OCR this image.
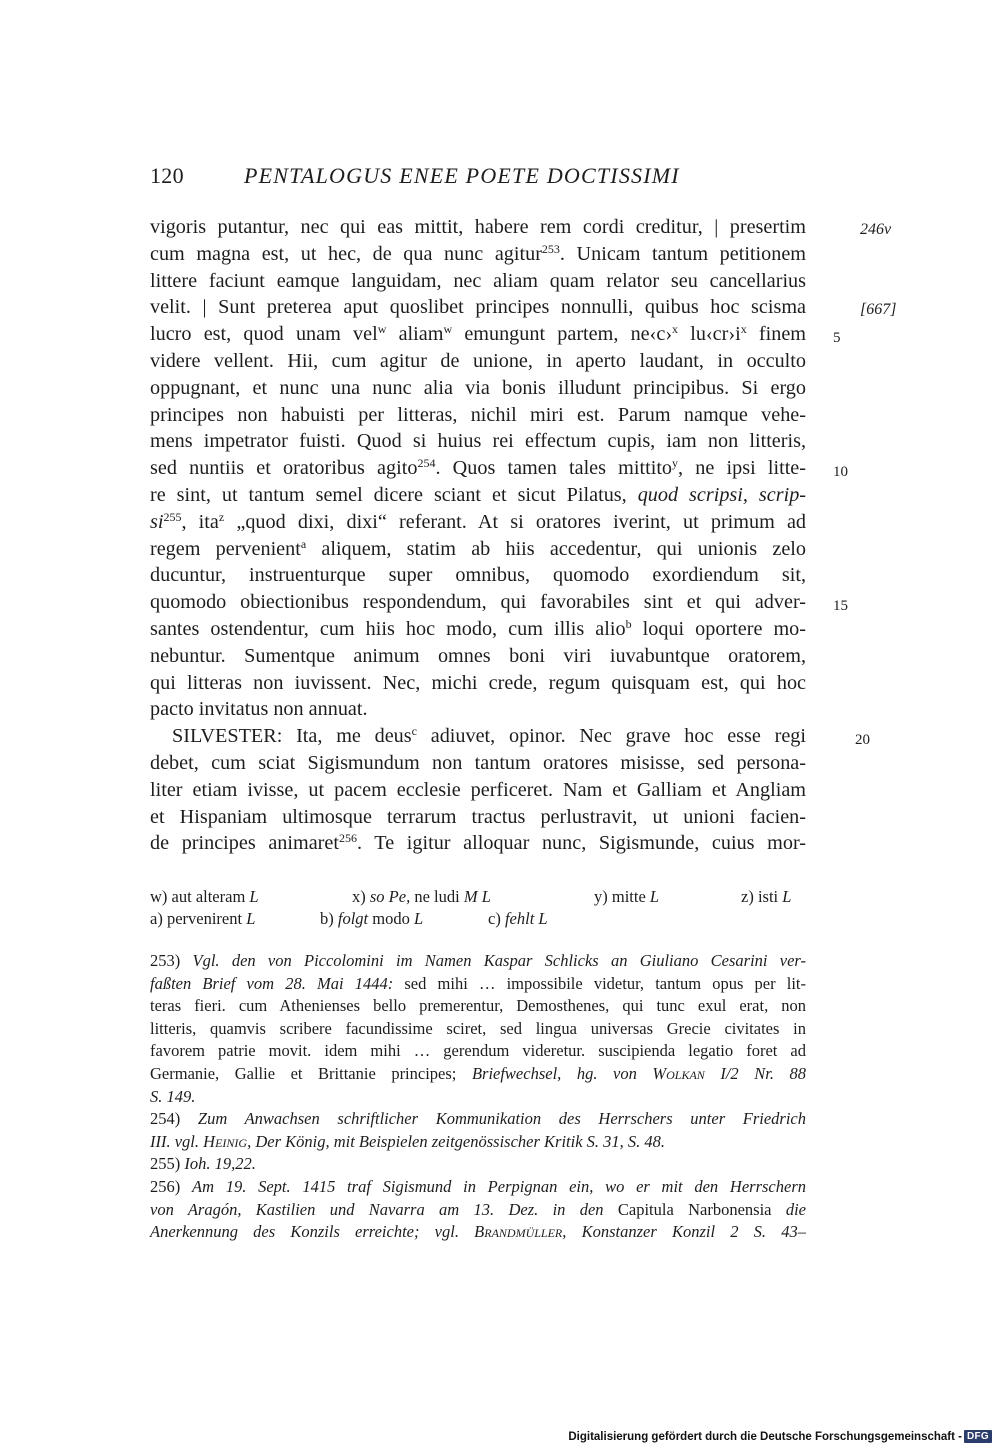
120	PENTALOGUS ENEE POETE DOCTISSIMI
vigoris putantur, nec qui eas mittit, habere rem cordi creditur, | presertim	246v
cum magna est, ut hec, de qua nunc agitur$^{253}$. Unicam tantum petitionem
littere faciunt eamque languidam, nec aliam quam relator seu cancellarius
velit. | Sunt preterea aput quoslibet principes nonnulli, quibus hoc scisma	[667]
lucro est, quod unam vel$^w$ aliam$^w$ emungunt partem, ne‹c›$^x$ $lu‹cr›i^x$ finem 5
videre vellent. Hii, cum agitur de unione, in aperto laudant, in occulto
oppugnant, et nunc una nunc alia via bonis illudunt principibus. Si ergo
principes non habuisti per litteras, nichil miri est. Parum namque vehe-
mens impetrator fuisti. Quod si huius rei effectum cupis, iam non litteris,
sed nuntiis et oratoribus agito$^{254}$. Quos tamen tales mittito$^y$, ne ipsi litte- 10
re sint, ut tantum semel dicere sciant et sicut Pilatus, quod scripsi, scrip-
$si^{255}$, ita$^z$ „quod dixi, dixi“ referant. At si oratores iverint, ut primum ad
regem pervenient$^a$ aliquem, statim ab hiis accedentur, qui unionis zelo
ducuntur, instruenturque super omnibus, quomodo exordiendum sit,
quomodo obiectionibus respondendum, qui favorabiles sint et qui adver- 15
santes ostendentur, cum hiis hoc modo, cum illis alio$^b$ loqui oportere mo-
nebuntur. Sumentque animum omnes boni viri iuvabuntque oratorem,
qui litteras non iuvissent. Nec, michi crede, regum quisquam est, qui hoc
pacto invitatus non annuat.
SILVESTER: Ita, me deus$^c$ adiuvet, opinor. Nec grave hoc esse regi	20
debet, cum sciat Sigismundum non tantum oratores misisse, sed persona-
liter etiam ivisse, ut pacem ecclesie perficeret. Nam et Galliam et Angliam
et Hispaniam ultimosque terrarum tractus perlustravit, ut unioni facien-
de principes animaret$^{256}$. Te igitur alloquar nunc, Sigismunde, cuius mor-
w) aut alteram L	x) so Pe, ne ludi M L	y) mitte L	z) isti L
a) pervenirent L	b) folgt modo L	c) fehlt L
253) Vgl. den von Piccolomini im Namen Kaspar Schlicks an Giuliano Cesarini ver-
faßten Brief vom 28. Mai 1444: sed mihi … impossibile videtur, tantum opus per lit-
teras fieri. cum Athenienses bello premerentur, Demosthenes, qui tunc exul erat, non
litteris, quamvis scribere facundissime sciret, sed lingua universas Grecie civitates in
favorem patrie movit. idem mihi … gerendum videretur. suscipienda legatio foret ad
Germanie, Gallie et Brittanie principes; Briefwechsel, hg. von Wolkan I/2 Nr. 88
S. 149.
254) Zum Anwachsen schriftlicher Kommunikation des Herrschers unter Friedrich
III. vgl. Heinig, Der König, mit Beispielen zeitgenössischer Kritik S. 31, S. 48.
255) Ioh. 19,22.
256) Am 19. Sept. 1415 traf Sigismund in Perpignan ein, wo er mit den Herrschern
von Aragón, Kastilien und Navarra am 13. Dez. in den Capitula Narbonensia die
Anerkennung des Konzils erreichte; vgl. Brandmüller, Konstanzer Konzil 2 S. 43–
Digitalisierung gefördert durch die Deutsche Forschungsgemeinschaft - DFG
